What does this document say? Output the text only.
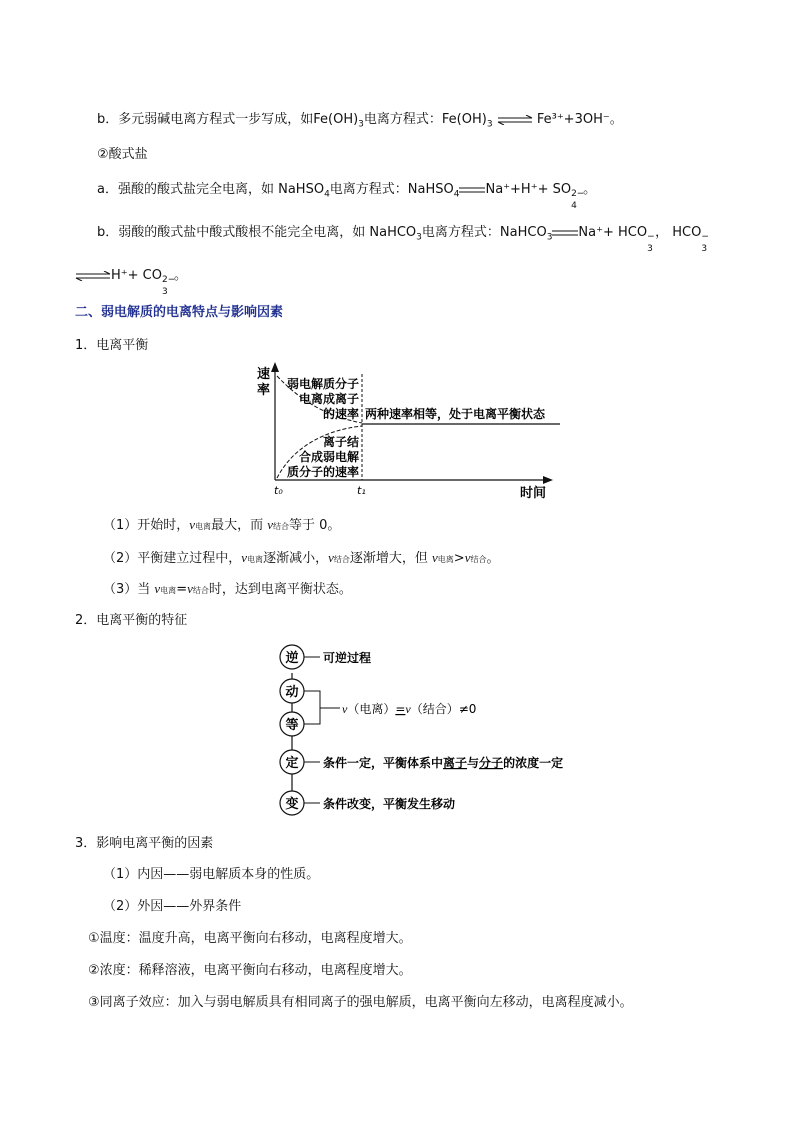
b．多元弱碱电离方程式一步写成，如$Fe(OH)_3$电离方程式：$Fe(OH)_3$ ⇌ Fe³⁺+3OH⁻。
②酸式盐
a．强酸的酸式盐完全电离，如 NaHSO$_4$电离方程式：NaHSO$_4$ Na⁺+H⁺+ SO 2−
4
。
b．弱酸的酸式盐中酸式酸根不能完全电离，如 NaHCO$_3$电离方程式：NaHCO$_3$ Na⁺+ HCO −
3
， HCO −
3
⇌H⁺+ CO 2−
3
。
二、弱电解质的电离特点与影响因素
1．电离平衡
速
率
时间
t₀	t₁
两种速率相等，处于电离平衡状态
弱电解质分子
电离成离子
的速率
离子结
合成弱电解
质分子的速率
（1）开始时，v电离最大，而 v结合等于 0。
（2）平衡建立过程中，v电离逐渐减小，v结合逐渐增大，但 v电离>v结合。
（3）当 v电离=v结合时，达到电离平衡状态。
2．电离平衡的特征
逆
动
等
定
变
可逆过程
v（电离）=v（结合）≠0
条件一定，平衡体系中离子与分子的浓度一定
条件改变，平衡发生移动
3．影响电离平衡的因素
（1）内因——弱电解质本身的性质。
（2）外因——外界条件
①温度：温度升高，电离平衡向右移动，电离程度增大。
②浓度：稀释溶液，电离平衡向右移动，电离程度增大。
③同离子效应：加入与弱电解质具有相同离子的强电解质，电离平衡向左移动，电离程度减小。
